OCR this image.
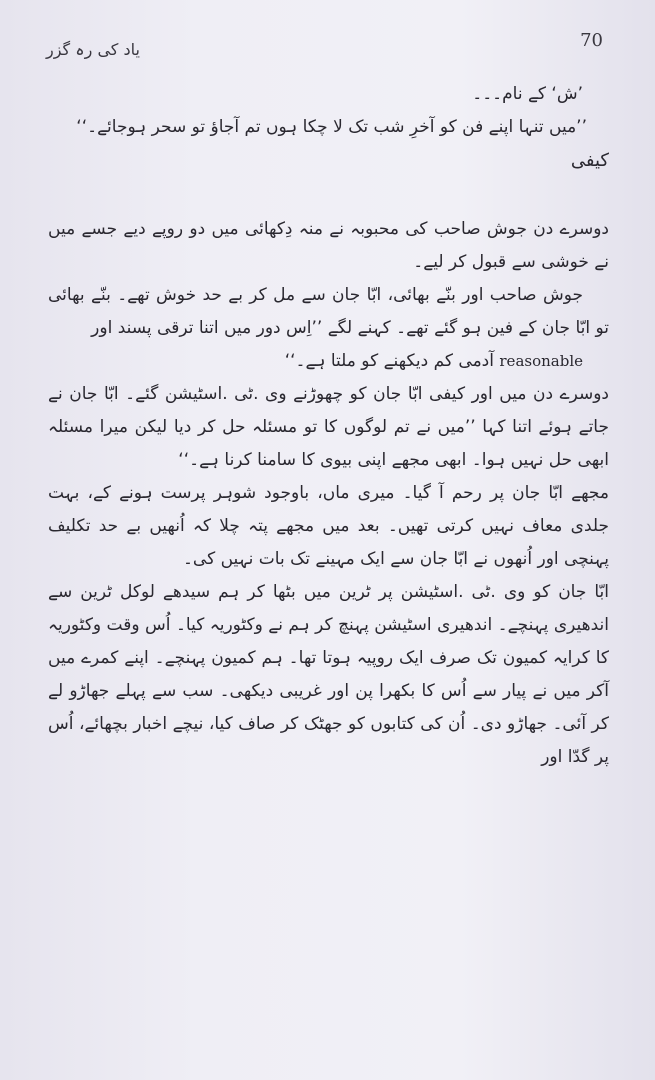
یاد کی رہ گزر	70

’ش‘ کے نام۔۔۔

’’میں تنہا اپنے فن کو آخرِ شب تک لا چکا ہوں تم آجاؤ تو سحر ہوجائے۔‘‘

کیفی

دوسرے دن جوش صاحب کی محبوبہ نے منہ دِکھائی میں دو روپے دیے جسے میں نے خوشی سے قبول کر لیے۔

جوش صاحب اور بنّے بھائی، ابّا جان سے مل کر بے حد خوش تھے۔ بنّے بھائی تو ابّا جان کے فین ہو گئے تھے۔ کہنے لگے ’’اِس دور میں اتنا ترقی پسند اور

reasonable آدمی کم دیکھنے کو ملتا ہے۔‘‘

دوسرے دن میں اور کیفی ابّا جان کو چھوڑنے وی .ٹی .اسٹیشن گئے۔ ابّا جان نے جاتے ہوئے اتنا کہا ’’میں نے تم لوگوں کا تو مسئلہ حل کر دیا لیکن میرا مسئلہ ابھی حل نہیں ہوا۔ ابھی مجھے اپنی بیوی کا سامنا کرنا ہے۔‘‘

مجھے ابّا جان پر رحم آ گیا۔ میری ماں، باوجود شوہر پرست ہونے کے، بہت جلدی معاف نہیں کرتی تھیں۔ بعد میں مجھے پتہ چلا کہ اُنھیں بے حد تکلیف پہنچی اور اُنھوں نے ابّا جان سے ایک مہینے تک بات نہیں کی۔

ابّا جان کو وی .ٹی .اسٹیشن پر ٹرین میں بٹھا کر ہم سیدھے لوکل ٹرین سے اندھیری پہنچے۔ اندھیری اسٹیشن پہنچ کر ہم نے وکٹوریہ کیا۔ اُس وقت وکٹوریہ کا کرایہ کمیون تک صرف ایک روپیہ ہوتا تھا۔ ہم کمیون پہنچے۔ اپنے کمرے میں آکر میں نے پیار سے اُس کا بکھرا پن اور غریبی دیکھی۔ سب سے پہلے جھاڑو لے کر آئی۔ جھاڑو دی۔ اُن کی کتابوں کو جھٹک کر صاف کیا، نیچے اخبار بچھائے، اُس پر گدّا اور
